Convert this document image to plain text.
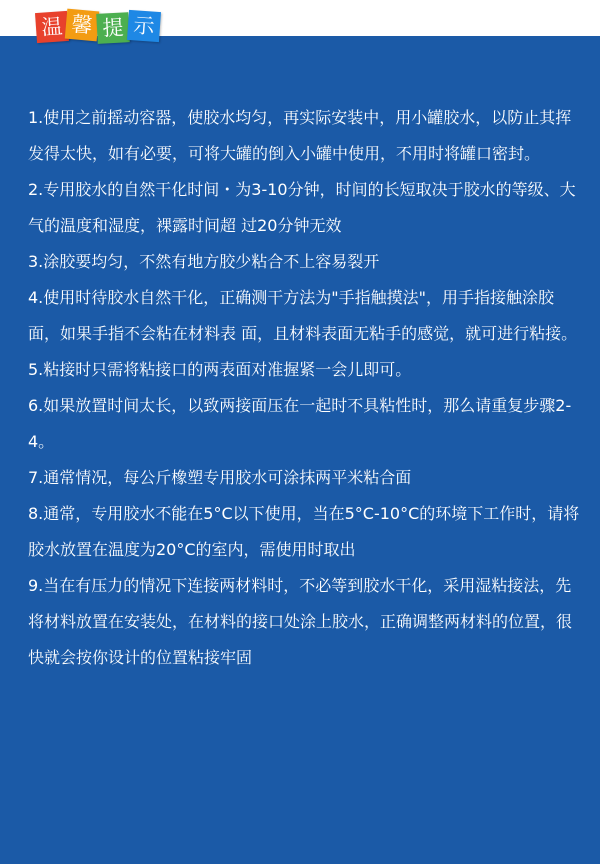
温 馨 提 示
1.使用之前摇动容器，使胶水均匀，再实际安装中，用小罐胶水，以防止其挥发得太快，如有必要，可将大罐的倒入小罐中使用，不用时将罐口密封。
2.专用胶水的自然干化时间・为3-10分钟，时间的长短取决于胶水的等级、大气的温度和湿度，裸露时间超 过20分钟无效
3.涂胶要均匀，不然有地方胶少粘合不上容易裂开
4.使用时待胶水自然干化，正确测干方法为"手指触摸法"，用手指接触涂胶面，如果手指不会粘在材料表 面，且材料表面无粘手的感觉，就可进行粘接。
5.粘接时只需将粘接口的两表面对准握紧一会儿即可。
6.如果放置时间太长，以致两接面压在一起时不具粘性时，那么请重复步骤2-4。
7.通常情况，每公斤橡塑专用胶水可涂抹两平米粘合面
8.通常，专用胶水不能在5°C以下使用，当在5°C-10°C的环境下工作时，请将胶水放置在温度为20°C的室内，需使用时取出
9.当在有压力的情况下连接两材料时，不必等到胶水干化，采用湿粘接法，先将材料放置在安装处，在材料的接口处涂上胶水，正确调整两材料的位置，很快就会按你设计的位置粘接牢固
